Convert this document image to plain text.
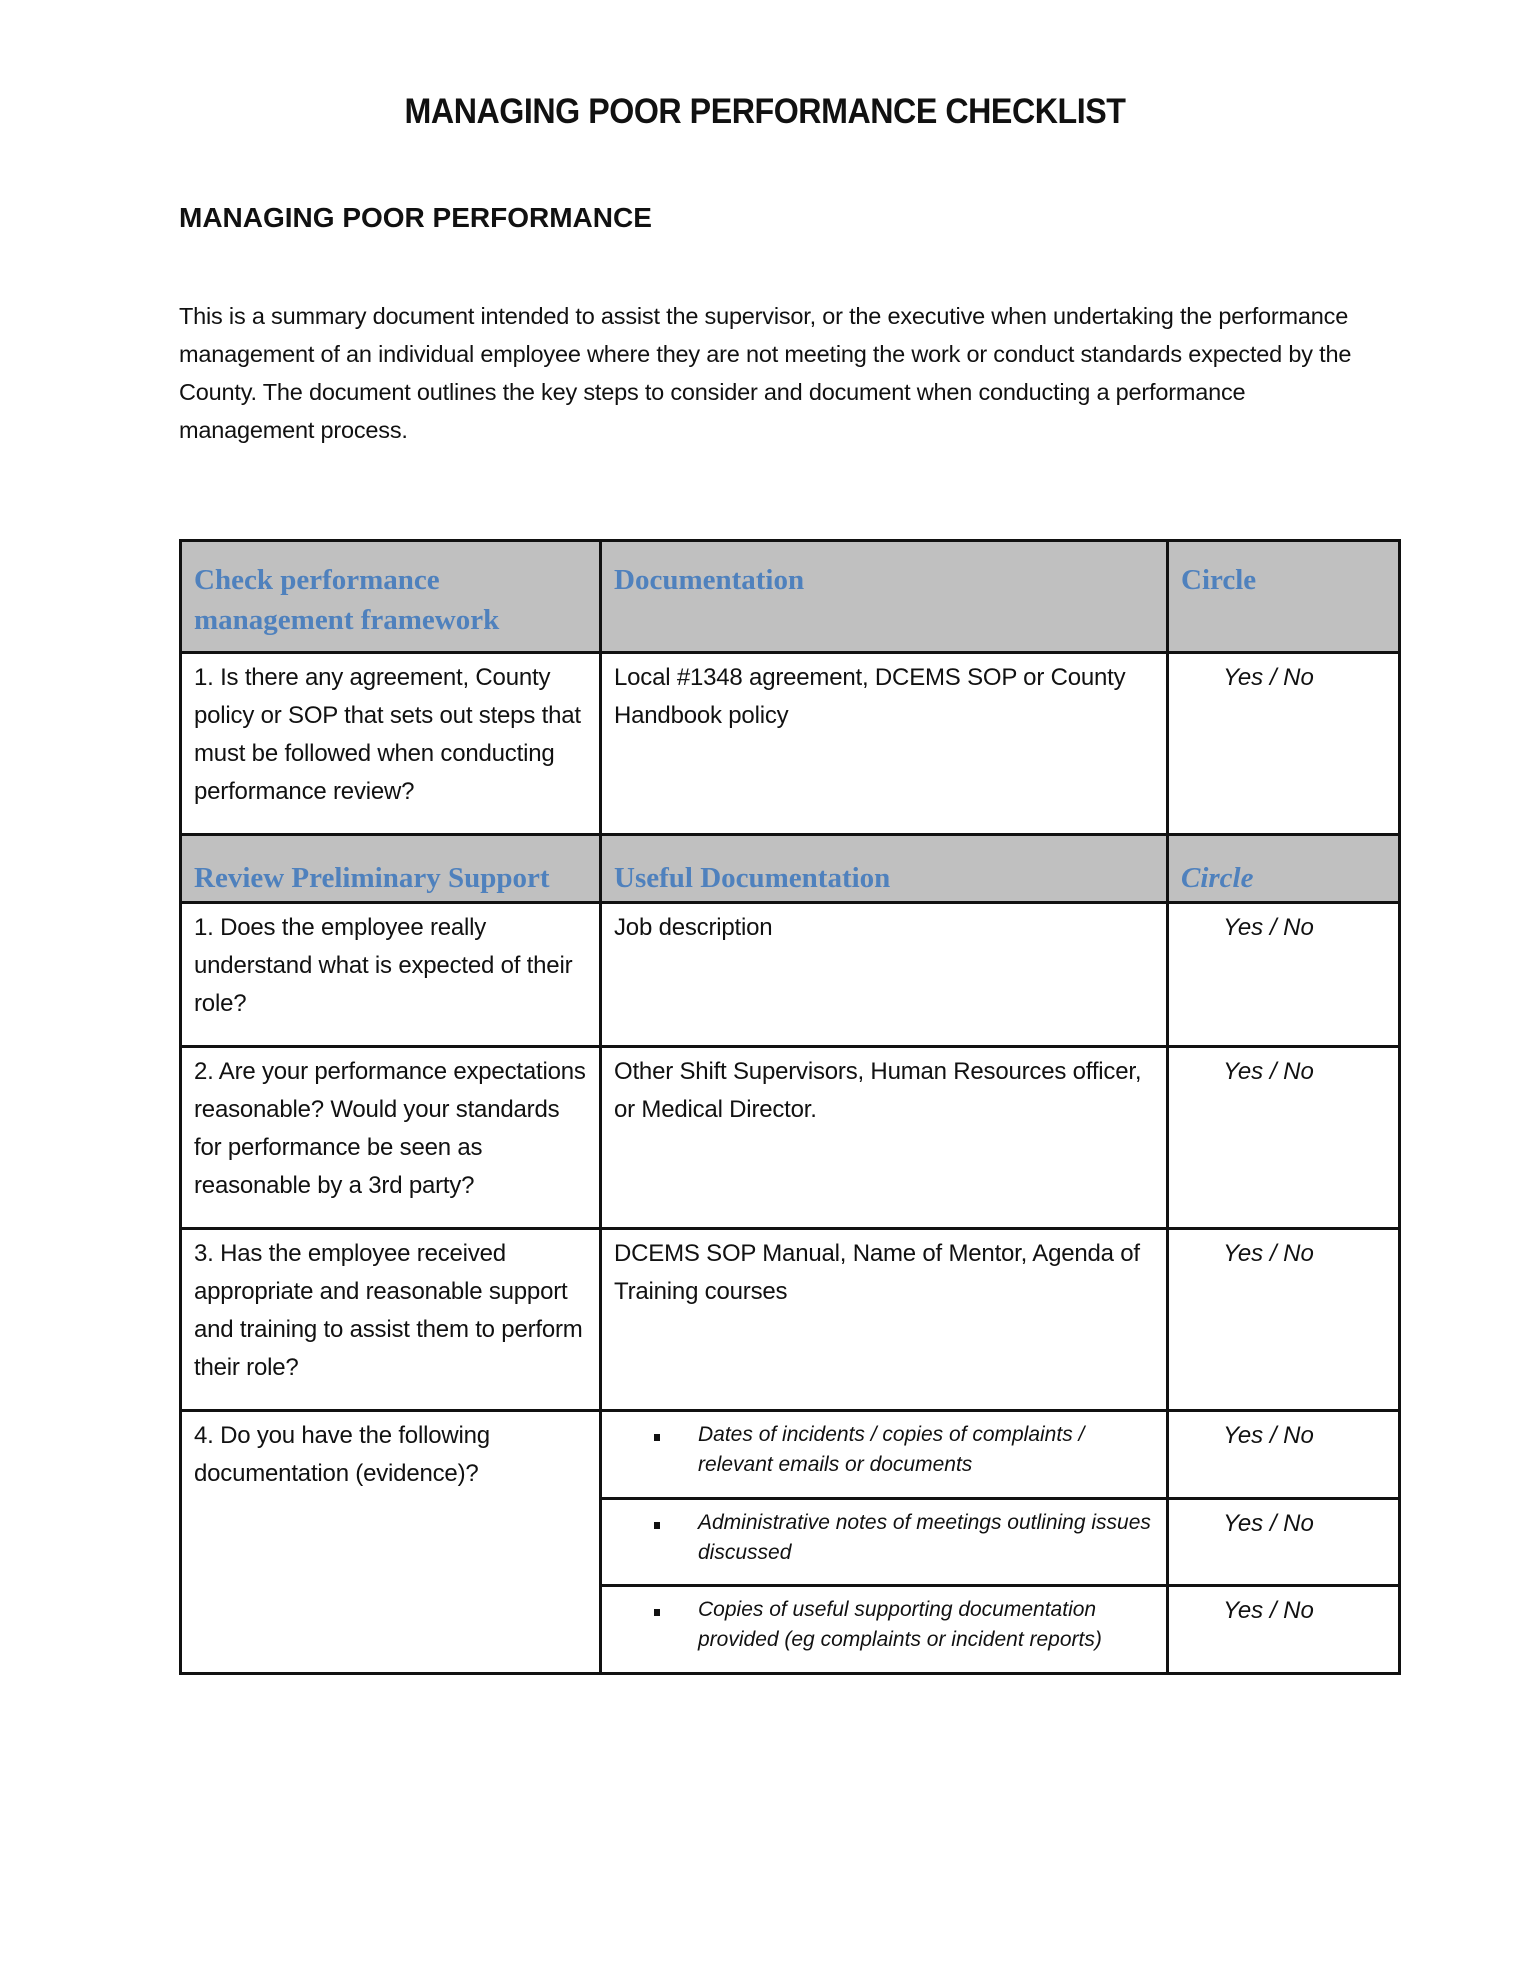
MANAGING POOR PERFORMANCE CHECKLIST
MANAGING POOR PERFORMANCE
This is a summary document intended to assist the supervisor, or the executive when undertaking the performance management of an individual employee where they are not meeting the work or conduct standards expected by the County. The document outlines the key steps to consider and document when conducting a performance management process.
Check performance management framework	Documentation	Circle

1. Is there any agreement, County policy or SOP that sets out steps that must be followed when conducting performance review?	Local #1348 agreement, DCEMS SOP or County Handbook policy	Yes / No

Review Preliminary Support	Useful Documentation	Circle

1. Does the employee really understand what is expected of their role?	Job description	Yes / No

2. Are your performance expectations reasonable? Would your standards for performance be seen as reasonable by a 3rd party?	Other Shift Supervisors, Human Resources officer, or Medical Director.	Yes / No

3. Has the employee received appropriate and reasonable support and training to assist them to perform their role?	DCEMS SOP Manual, Name of Mentor, Agenda of Training courses	Yes / No

4. Do you have the following documentation (evidence)?	Dates of incidents / copies of complaints / relevant emails or documents	Yes / No

	Administrative notes of meetings outlining issues discussed	Yes / No

	Copies of useful supporting documentation provided (eg complaints or incident reports)	Yes / No
